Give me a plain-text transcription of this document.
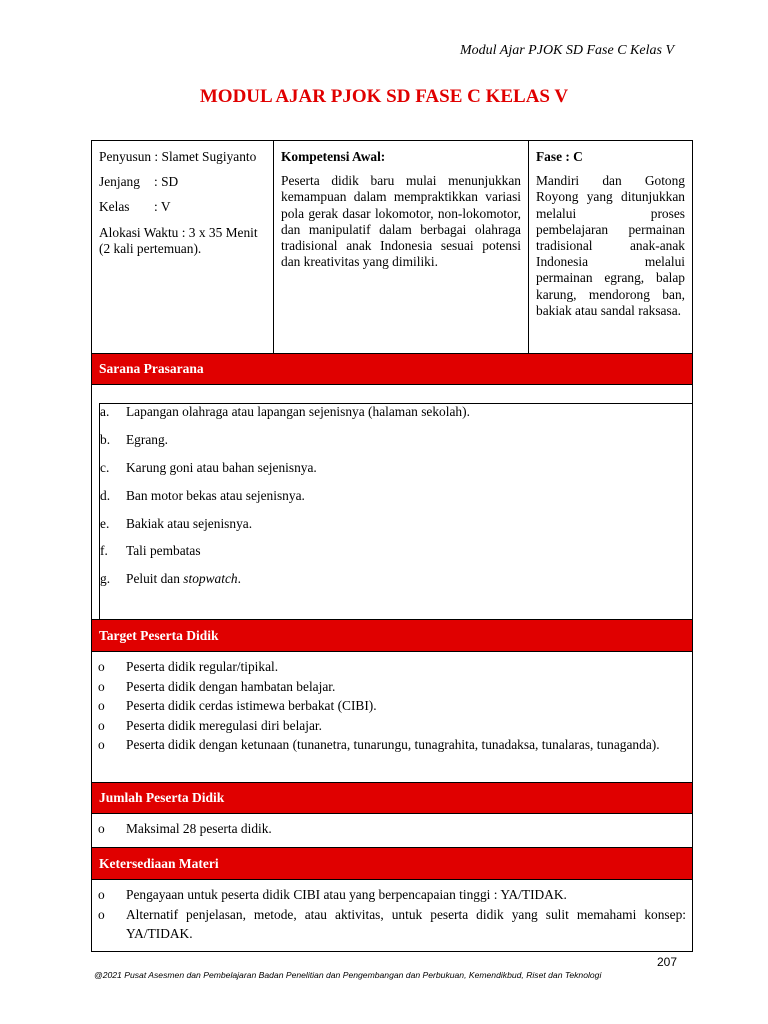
Modul Ajar PJOK SD Fase C Kelas V
MODUL AJAR PJOK SD FASE C KELAS V

Penyusun : Slamet Sugiyanto

Jenjang : SD

Kelas : V

Alokasi Waktu : 3 x 35 Menit (2 kali pertemuan).

Kompetensi Awal:

Peserta didik baru mulai menunjukkan kemampuan dalam mempraktikkan variasi pola gerak dasar lokomotor, non-lokomotor, dan manipulatif dalam berbagai olahraga tradisional anak Indonesia sesuai potensi dan kreativitas yang dimiliki.

Fase : C

Mandiri dan Gotong Royong yang ditunjukkan melalui proses pembelajaran permainan tradisional anak-anak Indonesia melalui permainan egrang, balap karung, mendorong ban, bakiak atau sandal raksasa.

Sarana Prasarana
a. Lapangan olahraga atau lapangan sejenisnya (halaman sekolah).
b. Egrang.
c. Karung goni atau bahan sejenisnya.
d. Ban motor bekas atau sejenisnya.
e. Bakiak atau sejenisnya.
f. Tali pembatas
g. Peluit dan stopwatch.
Target Peserta Didik
o Peserta didik regular/tipikal.
o Peserta didik dengan hambatan belajar.
o Peserta didik cerdas istimewa berbakat (CIBI).
o Peserta didik meregulasi diri belajar.
o Peserta didik dengan ketunaan (tunanetra, tunarungu, tunagrahita, tunadaksa, tunalaras, tunaganda).
Jumlah Peserta Didik
o Maksimal 28 peserta didik.
Ketersediaan Materi
o Pengayaan untuk peserta didik CIBI atau yang berpencapaian tinggi : YA/TIDAK.
o Alternatif penjelasan, metode, atau aktivitas, untuk peserta didik yang sulit memahami konsep: YA/TIDAK.
207
@2021 Pusat Asesmen dan Pembelajaran Badan Penelitian dan Pengembangan dan Perbukuan, Kemendikbud, Riset dan Teknologi
